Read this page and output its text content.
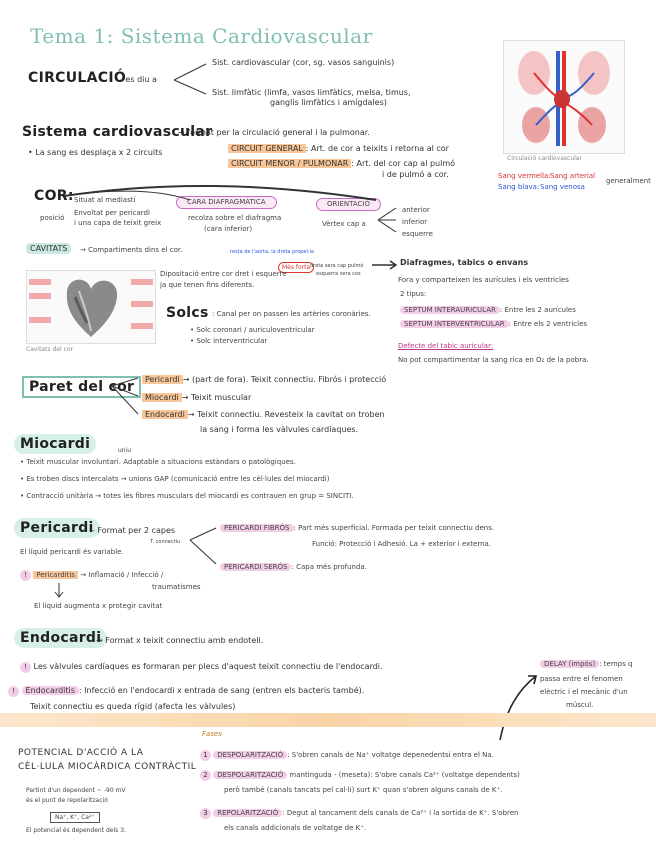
Tema 1: Sistema Cardiovascular
CIRCULACIÓ
- es diu a
Sist. cardiovascular (cor, sg. vasos sanguinis)
Sist. limfàtic (limfa, vasos limfàtics, melsa, timus,
ganglis limfàtics i amígdales)
Circulació cardiovascular
Sang vermella: Sang arterial
Sang blava: Sang venosa
generalment
Sistema cardiovascular
→ format per la circulació general i la pulmonar.
• La sang es desplaça x 2 circuits	CIRCUIT GENERAL : Art. de cor a teixits i retorna al cor
CIRCUIT MENOR / PULMONAR : Art. del cor cap al pulmó
i de pulmó a cor.
COR: Situat al mediastí
posició
Envoltat per pericardi
i una capa de teixit greix
CARA DIAFRAGMÀTICA
recolza sobre el diafragma
(cara inferior)
ORIENTACIÓ
Vèrtex cap a
anterior
inferior
esquerre
CAVITATS	→ Compartiments dins el cor.	resta de l'aorta, la dreta propel·la
Més forta dreta sera cap pulmó
esquerra sera cos
Dipositació entre cor dret i esquerre
ja que tenen fins diferents.
Cavitats del cor
Solcs : Canal per on passen les artèries coronàries.
• Solc coronari / auriculoventricular
• Solc interventricular
Diafragmes, tabics o envans
Fora y comparteixen les aurícules i els ventricles
2 tipus:
SEPTUM INTERAURICULAR : Entre les 2 aurícules
SEPTUM INTERVENTRICULAR : Entre els 2 ventricles
Defecte del tabic auricular:
No pot compartimentar la sang rica en O₂ de la pobra.
Paret del cor	Pericardi → (part de fora). Teixit connectiu. Fibrós i protecció
Miocardi → Teixit muscular
Endocardi → Teixit connectiu. Revesteix la cavitat on troben
la sang i forma les vàlvules cardíaques.
Miocardi	uniu
• Teixit muscular involuntari. Adaptable a situacions estàndars o patològiques.
• Es troben discs intercalats → unions GAP (comunicació entre les cèl·lules del miocardi)
• Contracció unitària → totes les fibres musculars del miocardi es contrauen en grup = SINCITI.
Pericardi
- Format per 2 capes
T. connectiu
PERICARDI FIBRÓS : Part més superficial. Formada per teixit connectiu dens.
Funció: Protecció i Adhesió. La + exterior i externa.
PERICARDI SERÓS : Capa més profunda.
El líquid pericardi és variable.
! Pericarditis → Inflamació / Infecció /
traumatismes
El líquid augmenta x protegir cavitat
Endocardi
→ Format x teixit connectiu amb endoteli.
! Les vàlvules cardíaques es formaran per plecs d'aquest teixit connectiu de l'endocardi.
! Endocarditis : Infecció en l'endocardi x entrada de sang (entren els bacteris també).
Teixit connectiu es queda rígid (afecta les vàlvules)
DELAY (impós) : temps q
passa entre el fenomen
elèctric i el mecànic d'un
múscul.
Fases
POTENCIAL D'ACCIÓ A LA
CÈL·LULA MIOCÀRDICA CONTRÀCTIL
Partint d'un dependent ~ -90 mV
és el punt de repolarització
Na⁺, K⁺, Ca²⁺
El potencial és dependent dels 3.
1 DESPOLARITZACIÓ : S'obren canals de Na⁺ voltatge depenedentsi entra el Na.
2 DESPOLARITZACIÓ mantinguda - (meseta): S'obre canals Ca²⁺ (voltatge dependents)
però també (canals tancats pel cal·li) surt K⁺ quan s'obren alguns canals de K⁺.
3 REPOLARITZACIÓ : Degut al tancament dels canals de Ca²⁺ i la sortida de K⁺. S'obren
els canals addicionals de voltatge de K⁺.
